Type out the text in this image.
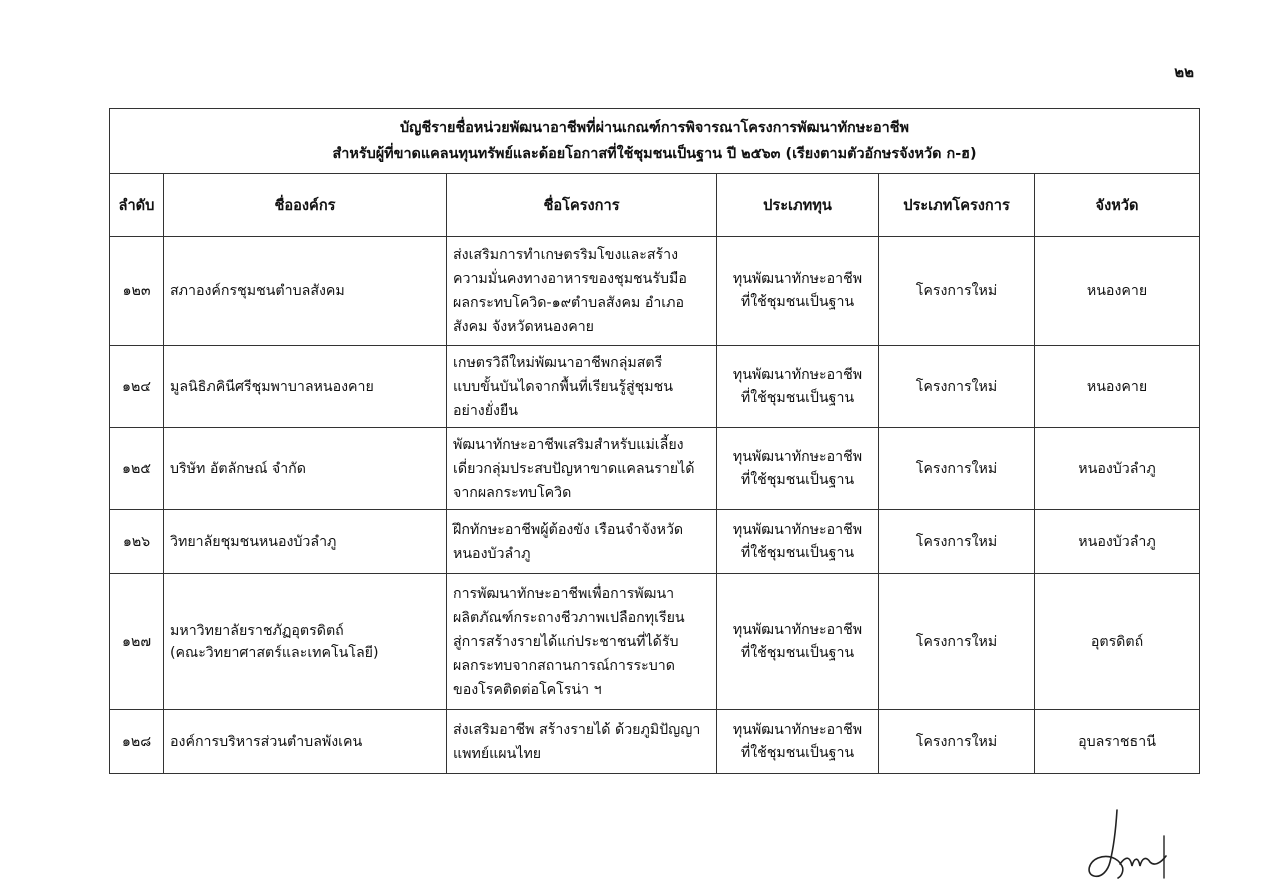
๒๒
บัญชีรายชื่อหน่วยพัฒนาอาชีพที่ผ่านเกณฑ์การพิจารณาโครงการพัฒนาทักษะอาชีพ
สำหรับผู้ที่ขาดแคลนทุนทรัพย์และด้อยโอกาสที่ใช้ชุมชนเป็นฐาน ปี ๒๕๖๓ (เรียงตามตัวอักษรจังหวัด ก-ฮ)					

ลำดับ	ชื่อองค์กร	ชื่อโครงการ	ประเภททุน	ประเภทโครงการ	จังหวัด
๑๒๓	สภาองค์กรชุมชนตำบลสังคม	ส่งเสริมการทำเกษตรริมโขงและสร้าง
ความมั่นคงทางอาหารของชุมชนรับมือ
ผลกระทบโควิด-๑๙ตำบลสังคม อำเภอ
สังคม จังหวัดหนองคาย	ทุนพัฒนาทักษะอาชีพ
ที่ใช้ชุมชนเป็นฐาน	โครงการใหม่	หนองคาย
๑๒๔	มูลนิธิภคินีศรีชุมพาบาลหนองคาย	เกษตรวิถีใหม่พัฒนาอาชีพกลุ่มสตรี
แบบขั้นบันไดจากพื้นที่เรียนรู้สู่ชุมชน
อย่างยั่งยืน	ทุนพัฒนาทักษะอาชีพ
ที่ใช้ชุมชนเป็นฐาน	โครงการใหม่	หนองคาย
๑๒๕	บริษัท อัตลักษณ์ จำกัด	พัฒนาทักษะอาชีพเสริมสำหรับแม่เลี้ยง
เดี่ยวกลุ่มประสบปัญหาขาดแคลนรายได้
จากผลกระทบโควิด	ทุนพัฒนาทักษะอาชีพ
ที่ใช้ชุมชนเป็นฐาน	โครงการใหม่	หนองบัวลำภู
๑๒๖	วิทยาลัยชุมชนหนองบัวลำภู	ฝึกทักษะอาชีพผู้ต้องขัง เรือนจำจังหวัด
หนองบัวลำภู	ทุนพัฒนาทักษะอาชีพ
ที่ใช้ชุมชนเป็นฐาน	โครงการใหม่	หนองบัวลำภู
๑๒๗	มหาวิทยาลัยราชภัฏอุตรดิตถ์
(คณะวิทยาศาสตร์และเทคโนโลยี)	การพัฒนาทักษะอาชีพเพื่อการพัฒนา
ผลิตภัณฑ์กระถางชีวภาพเปลือกทุเรียน
สู่การสร้างรายได้แก่ประชาชนที่ได้รับ
ผลกระทบจากสถานการณ์การระบาด
ของโรคติดต่อโคโรน่า ฯ	ทุนพัฒนาทักษะอาชีพ
ที่ใช้ชุมชนเป็นฐาน	โครงการใหม่	อุตรดิตถ์
๑๒๘	องค์การบริหารส่วนตำบลพังเคน	ส่งเสริมอาชีพ สร้างรายได้ ด้วยภูมิปัญญา
แพทย์แผนไทย	ทุนพัฒนาทักษะอาชีพ
ที่ใช้ชุมชนเป็นฐาน	โครงการใหม่	อุบลราชธานี
